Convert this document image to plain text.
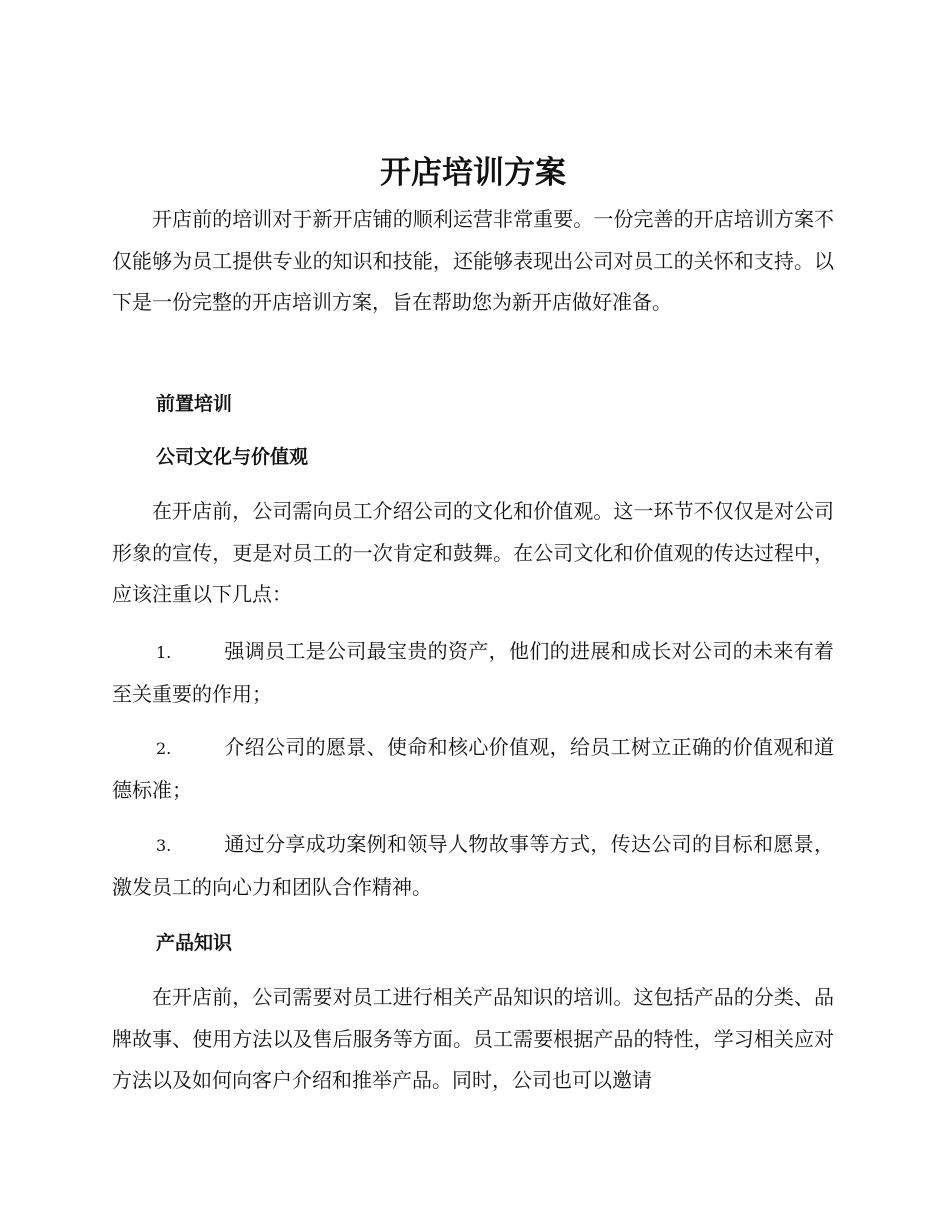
开店培训方案

开店前的培训对于新开店铺的顺利运营非常重要。一份完善的开店培训方案不仅能够为员工提供专业的知识和技能，还能够表现出公司对员工的关怀和支持。以下是一份完整的开店培训方案，旨在帮助您为新开店做好准备。

前置培训
公司文化与价值观

在开店前，公司需向员工介绍公司的文化和价值观。这一环节不仅仅是对公司形象的宣传，更是对员工的一次肯定和鼓舞。在公司文化和价值观的传达过程中，应该注重以下几点：

1.	强调员工是公司最宝贵的资产，他们的进展和成长对公司的未来有着至关重要的作用；

2.	介绍公司的愿景、使命和核心价值观，给员工树立正确的价值观和道德标准；

3.	通过分享成功案例和领导人物故事等方式，传达公司的目标和愿景，激发员工的向心力和团队合作精神。

产品知识

在开店前，公司需要对员工进行相关产品知识的培训。这包括产品的分类、品牌故事、使用方法以及售后服务等方面。员工需要根据产品的特性，学习相关应对方法以及如何向客户介绍和推举产品。同时，公司也可以邀请
